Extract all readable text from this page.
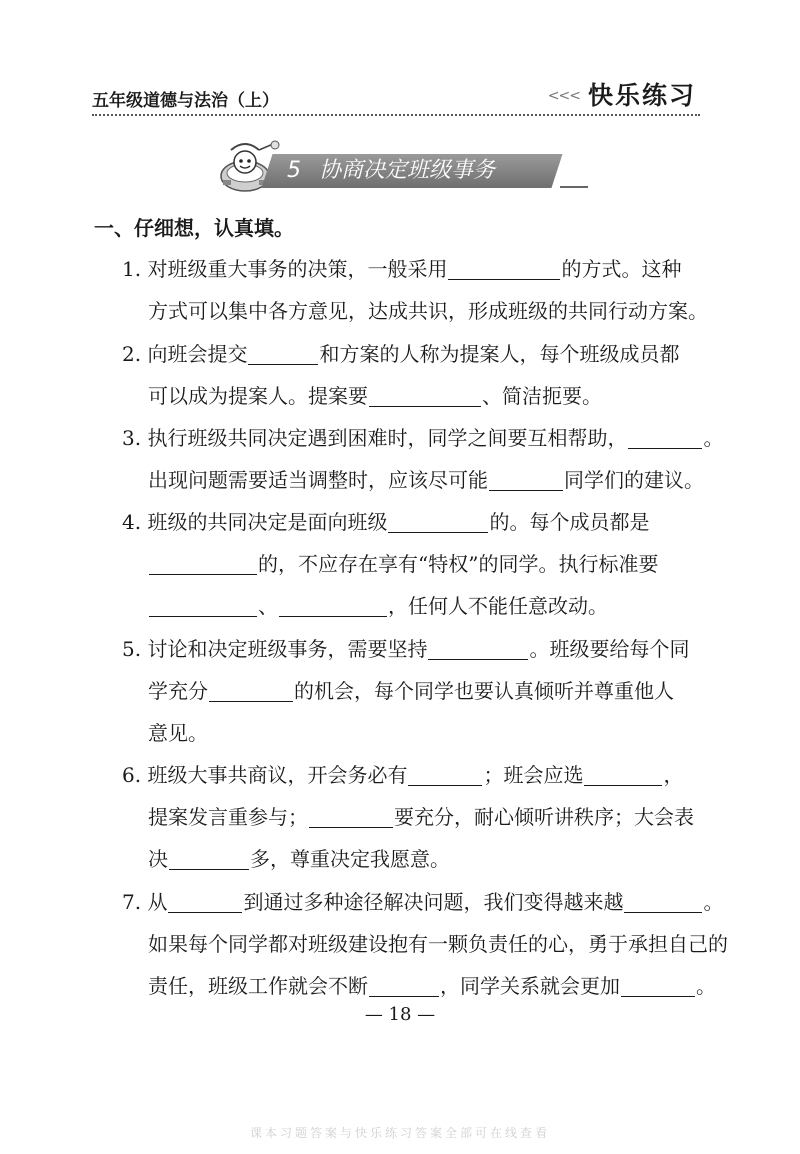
五年级道德与法治（上）	<<< 快乐练习
5 协商决定班级事务
一、仔细想，认真填。
1. 对班级重大事务的决策，一般采用	的方式。这种
方式可以集中各方意见，达成共识，形成班级的共同行动方案。
2. 向班会提交	和方案的人称为提案人，每个班级成员都
可以成为提案人。提案要	、简洁扼要。
3. 执行班级共同决定遇到困难时，同学之间要互相帮助，	。
出现问题需要适当调整时，应该尽可能	同学们的建议。
4. 班级的共同决定是面向班级	的。每个成员都是
的，不应存在享有“特权”的同学。执行标准要
、	，任何人不能任意改动。
5. 讨论和决定班级事务，需要坚持	。班级要给每个同
学充分	的机会，每个同学也要认真倾听并尊重他人
意见。
6. 班级大事共商议，开会务必有	；班会应选	，
提案发言重参与；	要充分，耐心倾听讲秩序；大会表
决	多，尊重决定我愿意。
7. 从	到通过多种途径解决问题，我们变得越来越	。
如果每个同学都对班级建设抱有一颗负责任的心，勇于承担自己的
责任，班级工作就会不断	，同学关系就会更加	。
— 18 —
课本习题答案与快乐练习答案全部可在线查看
